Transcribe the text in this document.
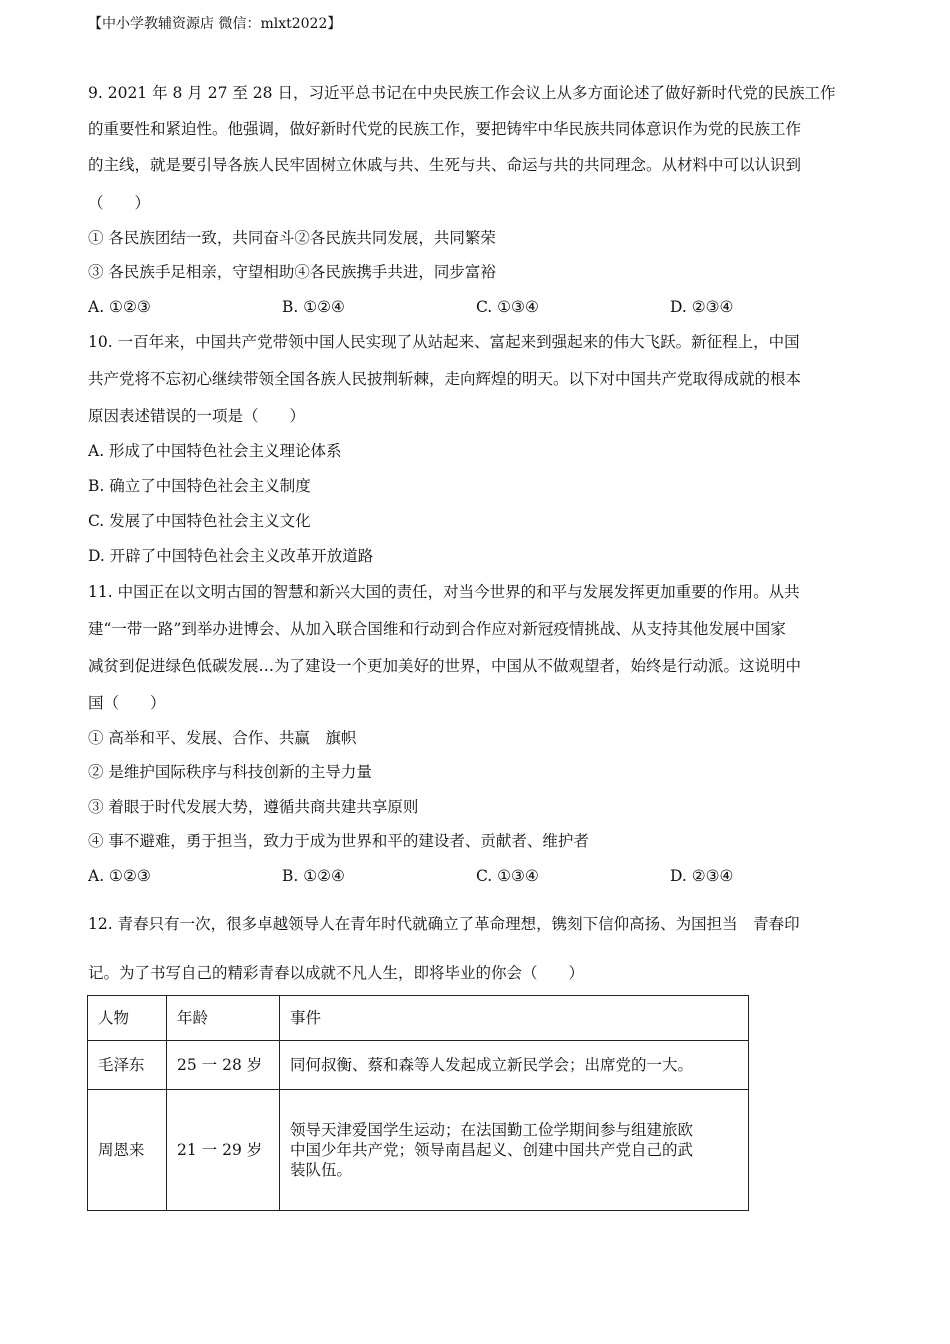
【中小学教辅资源店 微信：mlxt2022】
9. 2021 年 8 月 27 至 28 日，习近平总书记在中央民族工作会议上从多方面论述了做好新时代党的民族工作
的重要性和紧迫性。他强调，做好新时代党的民族工作，要把铸牢中华民族共同体意识作为党的民族工作
的主线，就是要引导各族人民牢固树立休戚与共、生死与共、命运与共的共同理念。从材料中可以认识到
（　　）
① 各民族团结一致，共同奋斗②各民族共同发展，共同繁荣
③ 各民族手足相亲，守望相助④各民族携手共进，同步富裕
A. ①②③	B. ①②④	C. ①③④	D. ②③④
10. 一百年来，中国共产党带领中国人民实现了从站起来、富起来到强起来的伟大飞跃。新征程上，中国
共产党将不忘初心继续带领全国各族人民披荆斩棘，走向辉煌的明天。以下对中国共产党取得成就的根本
原因表述错误的一项是（　　）
A. 形成了中国特色社会主义理论体系
B. 确立了中国特色社会主义制度
C. 发展了中国特色社会主义文化
D. 开辟了中国特色社会主义改革开放道路
11. 中国正在以文明古国的智慧和新兴大国的责任，对当今世界的和平与发展发挥更加重要的作用。从共
建“一带一路”到举办进博会、从加入联合国维和行动到合作应对新冠疫情挑战、从支持其他发展中国家
减贫到促进绿色低碳发展…为了建设一个更加美好的世界，中国从不做观望者，始终是行动派。这说明中
国（　　）
① 高举和平、发展、合作、共赢　旗帜
② 是维护国际秩序与科技创新的主导力量
③ 着眼于时代发展大势，遵循共商共建共享原则
④ 事不避难，勇于担当，致力于成为世界和平的建设者、贡献者、维护者
A. ①②③	B. ①②④	C. ①③④	D. ②③④
12. 青春只有一次，很多卓越领导人在青年时代就确立了革命理想，镌刻下信仰高扬、为国担当　青春印
记。为了书写自己的精彩青春以成就不凡人生，即将毕业的你会（　　）
人物	年龄	事件
毛泽东	25 一 28 岁	同何叔衡、蔡和森等人发起成立新民学会；出席党的一大。
周恩来	21 一 29 岁	领导天津爱国学生运动；在法国勤工俭学期间参与组建旅欧
中国少年共产党；领导南昌起义、创建中国共产党自己的武
装队伍。
